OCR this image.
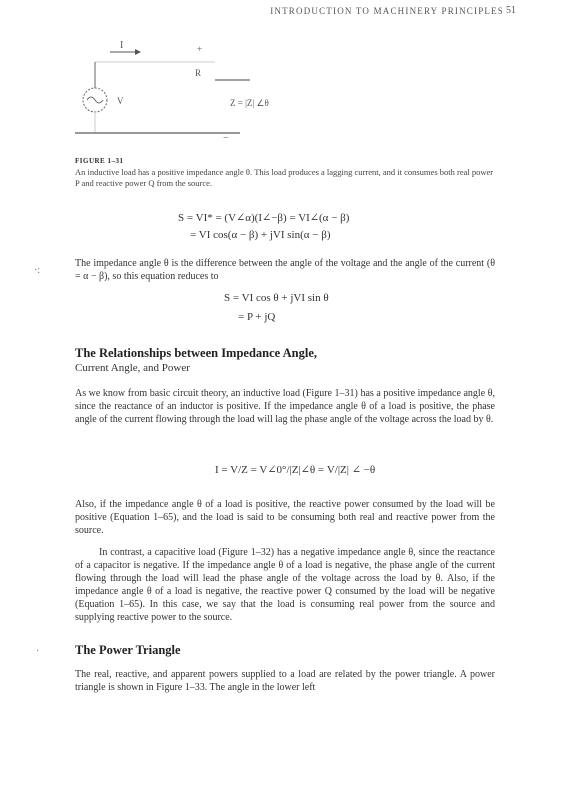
INTRODUCTION TO MACHINERY PRINCIPLES 51
I
V
+
R
Z = |Z| ∠θ
−
FIGURE 1–31
An inductive load has a positive impedance angle θ. This load produces a lagging current, and it consumes both real power P and reactive power Q from the source.
S = VI* = (V∠α)(I∠−β) = VI∠(α − β)
= VI cos(α − β) + jVI sin(α − β)
·:
The impedance angle θ is the difference between the angle of the voltage and the angle of the current (θ = α − β), so this equation reduces to
S = VI cos θ + jVI sin θ
= P + jQ
The Relationships between Impedance Angle,
Current Angle, and Power
As we know from basic circuit theory, an inductive load (Figure 1–31) has a positive impedance angle θ, since the reactance of an inductor is positive. If the impedance angle θ of a load is positive, the phase angle of the current flowing through the load will lag the phase angle of the voltage across the load by θ.
I = V/Z = V∠0°/|Z|∠θ = V/|Z| ∠ −θ
Also, if the impedance angle θ of a load is positive, the reactive power consumed by the load will be positive (Equation 1–65), and the load is said to be consuming both real and reactive power from the source.
In contrast, a capacitive load (Figure 1–32) has a negative impedance angle θ, since the reactance of a capacitor is negative. If the impedance angle θ of a load is negative, the phase angle of the current flowing through the load will lead the phase angle of the voltage across the load by θ. Also, if the impedance angle θ of a load is negative, the reactive power Q consumed by the load will be negative (Equation 1–65). In this case, we say that the load is consuming real power from the source and supplying reactive power to the source.
·	The Power Triangle
The real, reactive, and apparent powers supplied to a load are related by the power triangle. A power triangle is shown in Figure 1–33. The angle in the lower left
